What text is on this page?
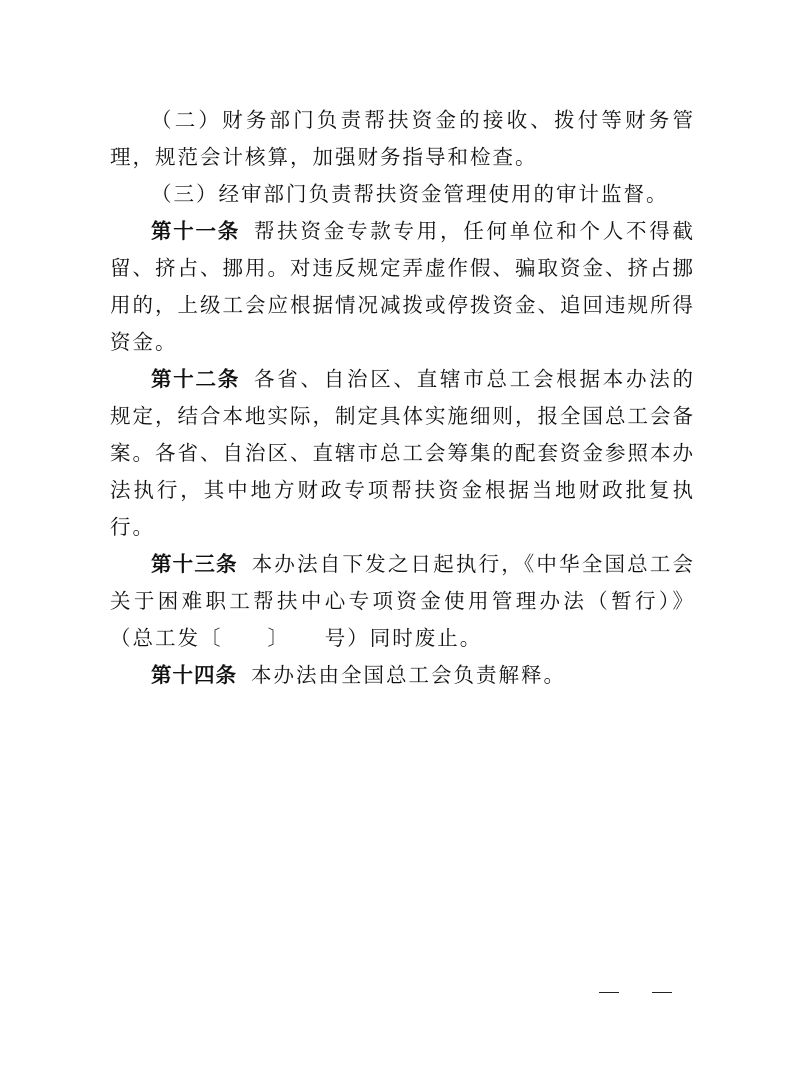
（二）财务部门负责帮扶资金的接收、拨付等财务管理，规范会计核算，加强财务指导和检查。

（三）经审部门负责帮扶资金管理使用的审计监督。

第十一条 帮扶资金专款专用，任何单位和个人不得截留、挤占、挪用。对违反规定弄虚作假、骗取资金、挤占挪用的，上级工会应根据情况减拨或停拨资金、追回违规所得资金。

第十二条 各省、自治区、直辖市总工会根据本办法的规定，结合本地实际，制定具体实施细则，报全国总工会备案。各省、自治区、直辖市总工会筹集的配套资金参照本办法执行，其中地方财政专项帮扶资金根据当地财政批复执行。

第十三条 本办法自下发之日起执行，《中华全国总工会关于困难职工帮扶中心专项资金使用管理办法（暂行）》（总工发〔　　〕　　号）同时废止。

第十四条 本办法由全国总工会负责解释。
